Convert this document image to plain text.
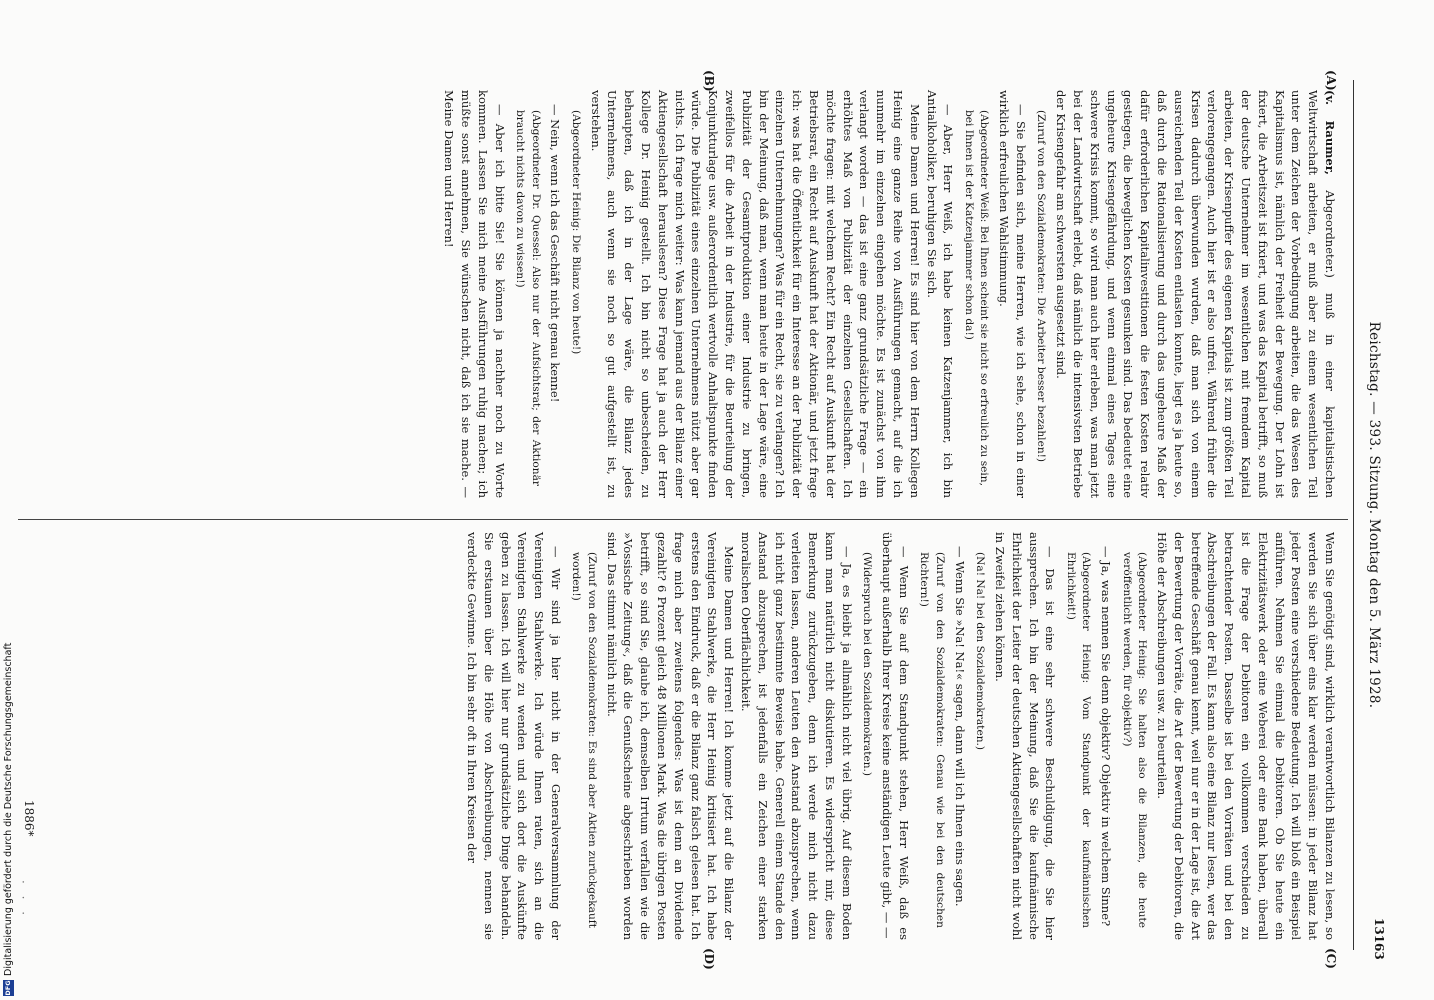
Reichstag. — 393. Sitzung. Montag den 5. März 1928.
13163
(A)
(B)
(C)
(D)

(v. Raumer, Abgeordneter.) muß in einer kapitalistischen Weltwirtschaft arbeiten, er muß aber zu einem wesentlichen Teil unter dem Zeichen der Vorbedingung arbeiten, die das Wesen des Kapitalismus ist, nämlich der Freiheit der Bewegung. Der Lohn ist fixiert, die Arbeitszeit ist fixiert, und was das Kapital betrifft, so muß der deutsche Unternehmer im wesentlichen mit fremdem Kapital arbeiten, der Krisenpuffer des eigenen Kapitals ist zum größten Teil verlorengegangen. Auch hier ist er also unfrei. Während früher die Krisen dadurch überwunden wurden, daß man sich von einem ausreichenden Teil der Kosten entlasten konnte, liegt es ja heute so, daß durch die Rationalisierung und durch das ungeheure Maß der dafür erforderlichen Kapitalinvestitionen die festen Kosten relativ gestiegen, die beweglichen Kosten gesunken sind. Das bedeutet eine ungeheure Krisengefährdung, und wenn einmal eines Tages eine schwere Krisis kommt, so wird man auch hier erleben, was man jetzt bei der Landwirtschaft erlebt, daß nämlich die intensivsten Betriebe der Krisengefahr am schwersten ausgesetzt sind.

(Zuruf von den Sozialdemokraten: Die Arbeiter besser bezahlen!)

— Sie befinden sich, meine Herren, wie ich sehe, schon in einer wirklich erfreulichen Wahlstimmung.

(Abgeordneter Weiß: Bei Ihnen scheint sie nicht so erfreulich zu sein, bei Ihnen ist der Katzenjammer schon da!)

— Aber, Herr Weiß, ich habe keinen Katzenjammer, ich bin Antialkoholiker, beruhigen Sie sich.

Meine Damen und Herren! Es sind hier von dem Herrn Kollegen Heinig eine ganze Reihe von Ausführungen gemacht, auf die ich nunmehr im einzelnen eingehen möchte. Es ist zunächst von ihm verlangt worden — das ist eine ganz grundsätzliche Frage — ein erhöhtes Maß von Publizität der einzelnen Gesellschaften. Ich möchte fragen: mit welchem Recht? Ein Recht auf Auskunft hat der Betriebsrat, ein Recht auf Auskunft hat der Aktionär, und jetzt frage ich: was hat die Öffentlichkeit für ein Interesse an der Publizität der einzelnen Unternehmungen? Was für ein Recht, sie zu verlangen? Ich bin der Meinung, daß man, wenn man heute in der Lage wäre, eine Publizität der Gesamtproduktion einer Industrie zu bringen, zweifellos für die Arbeit in der Industrie, für die Beurteilung der Konjunkturlage usw. außerordentlich wertvolle Anhaltspunkte finden würde. Die Publizität eines einzelnen Unternehmens nützt aber gar nichts. Ich frage mich weiter: Was kann jemand aus der Bilanz einer Aktiengesellschaft herauslesen? Diese Frage hat ja auch der Herr Kollege Dr. Heinig gestellt. Ich bin nicht so unbescheiden, zu behaupten, daß ich in der Lage wäre, die Bilanz jedes Unternehmens, auch wenn sie noch so gut aufgestellt ist, zu verstehen.

(Abgeordneter Heinig: Die Bilanz von heute!)

— Nein, wenn ich das Geschäft nicht genau kenne!

(Abgeordneter Dr. Quessel: Also nur der Aufsichtsrat; der Aktionär braucht nichts davon zu wissen!)

— Aber ich bitte Sie! Sie können ja nachher noch zu Worte kommen. Lassen Sie mich meine Ausführungen ruhig machen; ich müßte sonst annehmen, Sie wünschen nicht, daß ich sie mache. — Meine Damen und Herren!

Wenn Sie genötigt sind, wirklich verantwortlich Bilanzen zu lesen, so werden Sie sich über eins klar werden müssen: in jeder Bilanz hat jeder Posten eine verschiedene Bedeutung. Ich will bloß ein Beispiel anführen. Nehmen Sie einmal die Debitoren. Ob Sie heute ein Elektrizitätswerk oder eine Weberei oder eine Bank haben, überall ist die Frage der Debitoren ein vollkommen verschieden zu betrachtender Posten. Dasselbe ist bei den Vorräten und bei den Abschreibungen der Fall. Es kann also eine Bilanz nur lesen, wer das betreffende Geschäft genau kennt, weil nur er in der Lage ist, die Art der Bewertung der Vorräte, die Art der Bewertung der Debitoren, die Höhe der Abschreibungen usw. zu beurteilen.

(Abgeordneter Heinig: Sie halten also die Bilanzen, die heute veröffentlicht werden, für objektiv?)

— Ja, was nennen Sie denn objektiv? Objektiv in welchem Sinne?

(Abgeordneter Heinig: Vom Standpunkt der kaufmännischen Ehrlichkeit!)

— Das ist eine sehr schwere Beschuldigung, die Sie hier aussprechen. Ich bin der Meinung, daß Sie die kaufmännische Ehrlichkeit der Leiter der deutschen Aktiengesellschaften nicht wohl in Zweifel ziehen können.

(Na! Na! bei den Sozialdemokraten.)

— Wenn Sie »Na! Na!« sagen, dann will ich Ihnen eins sagen.

(Zuruf von den Sozialdemokraten: Genau wie bei den deutschen Richtern!)

— Wenn Sie auf dem Standpunkt stehen, Herr Weiß, daß es überhaupt außerhalb Ihrer Kreise keine anständigen Leute gibt, — —

(Widerspruch bei den Sozialdemokraten.)

— Ja, es bleibt ja allmählich nicht viel übrig. Auf diesem Boden kann man natürlich nicht diskutieren. Es widerspricht mir, diese Bemerkung zurückzugeben, denn ich werde mich nicht dazu verleiten lassen, anderen Leuten den Anstand abzusprechen, wenn ich nicht ganz bestimmte Beweise habe. Generell einem Stande den Anstand abzusprechen, ist jedenfalls ein Zeichen einer starken moralischen Oberflächlichkeit.

Meine Damen und Herren! Ich komme jetzt auf die Bilanz der Vereinigten Stahlwerke, die Herr Heinig kritisiert hat. Ich habe erstens den Eindruck, daß er die Bilanz ganz falsch gelesen hat. Ich frage mich aber zweitens folgendes: Was ist denn an Dividende gezahlt? 6 Prozent gleich 48 Millionen Mark. Was die übrigen Posten betrifft, so sind Sie, glaube ich, demselben Irrtum verfallen wie die »Vossische Zeitung«, daß die Genußscheine abgeschrieben worden sind. Das stimmt nämlich nicht.

(Zuruf von den Sozialdemokraten: Es sind aber Aktien zurückgekauft worden!)

— Wir sind ja hier nicht in der Generalversammlung der Vereinigten Stahlwerke. Ich würde Ihnen raten, sich an die Vereinigten Stahlwerke zu wenden und sich dort die Auskünfte geben zu lassen. Ich will hier nur grundsätzliche Dinge behandeln. Sie erstaunen über die Höhe von Abschreibungen, nennen sie verdeckte Gewinne. Ich bin sehr oft in Ihren Kreisen der

1886*
· · ·
DFG
Digitalisierung gefördert durch die Deutsche Forschungsgemeinschaft
